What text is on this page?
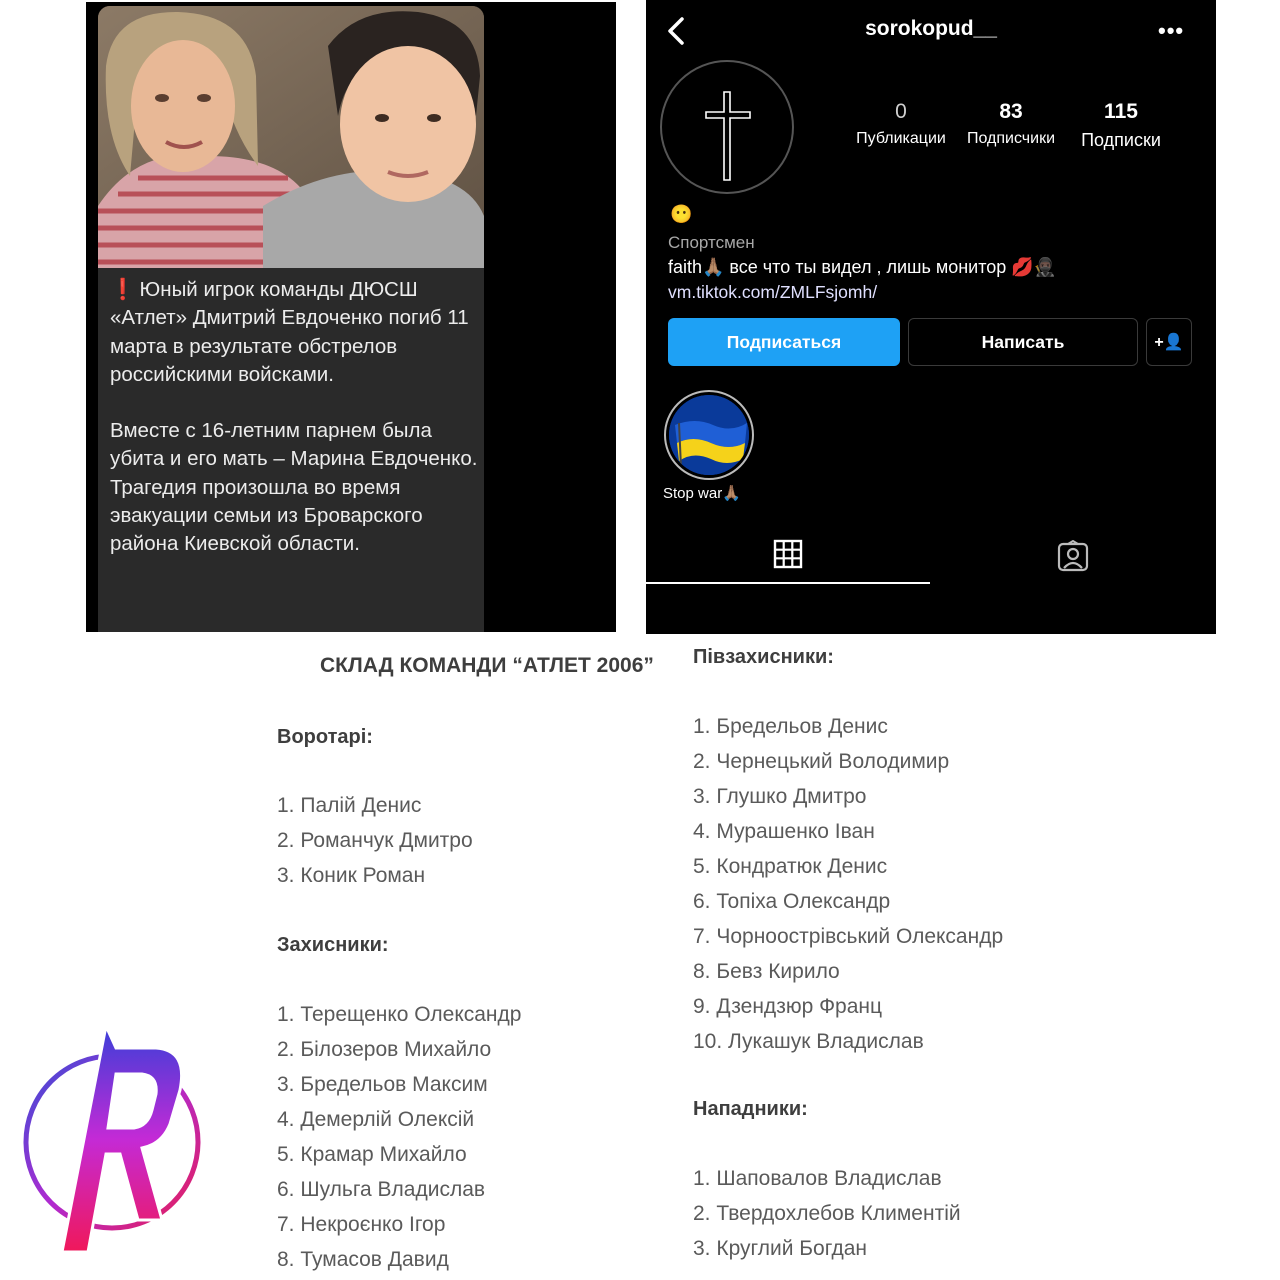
❗ Юный игрок команды ДЮСШ «Атлет» Дмитрий Евдоченко погиб 11 марта в результате обстрелов российскими войсками.

Вместе с 16-летним парнем была убита и его мать – Марина Евдоченко. Трагедия произошла во время эвакуации семьи из Броварского района Киевской области.

sorokopud__	•••
0
Публикации
83
Подписчики
115
Подписки
😶
Спортсмен
faith🙏🏽 все что ты видел , лишь монитор 💋🥷🏿
vm.tiktok.com/ZMLFsjomh/
Подписаться	Написать	+👤
Stop war🙏🏽
СКЛАД КОМАНДИ “АТЛЕТ 2006”
Воротарі:
1. Палій Денис
2. Романчук Дмитро
3. Коник Роман
Захисники:
1. Терещенко Олександр
2. Білозеров Михайло
3. Бредельов Максим
4. Демерлій Олексій
5. Крамар Михайло
6. Шульга Владислав
7. Некроєнко Ігор
8. Тумасов Давид
Півзахисники:
1. Бредельов Денис
2. Чернецький Володимир
3. Глушко Дмитро
4. Мурашенко Іван
5. Кондратюк Денис
6. Топіха Олександр
7. Чорноострівський Олександр
8. Бевз Кирило
9. Дзендзюр Франц
10. Лукашук Владислав
Нападники:
1. Шаповалов Владислав
2. Твердохлебов Климентій
3. Круглий Богдан
